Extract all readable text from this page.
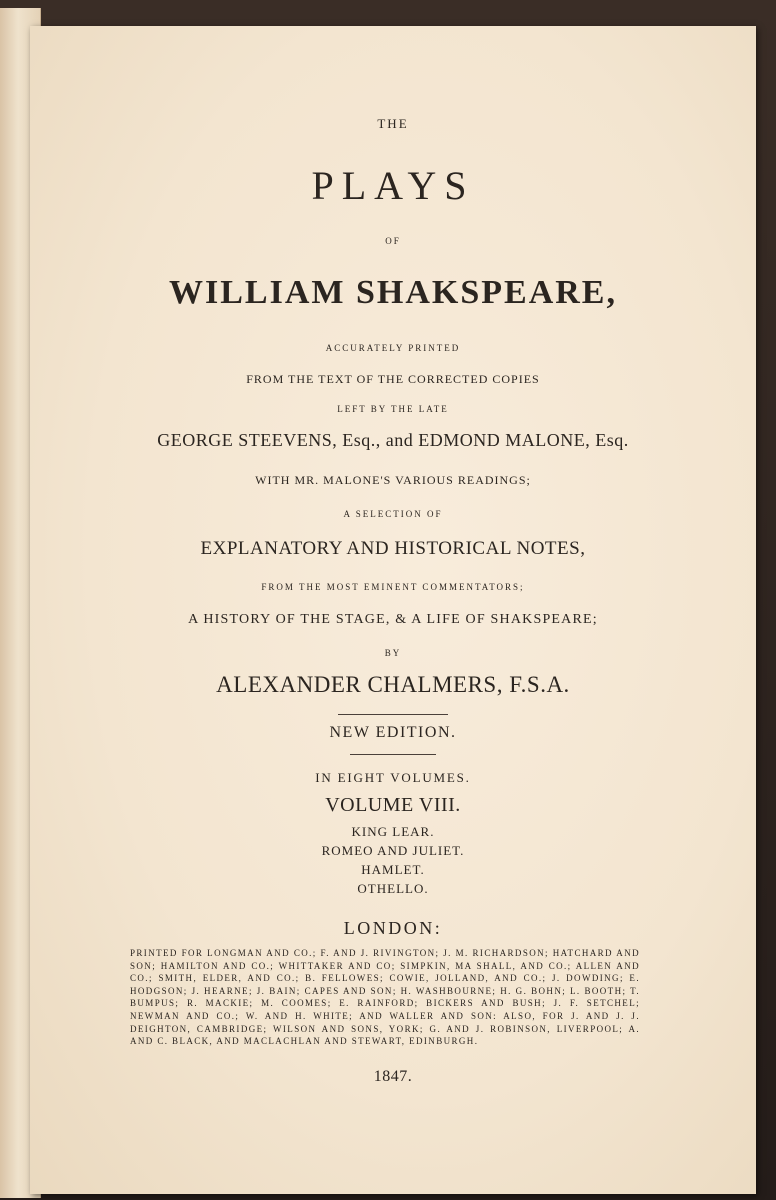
THE
PLAYS
OF
WILLIAM SHAKSPEARE,
ACCURATELY PRINTED
FROM THE TEXT OF THE CORRECTED COPIES
LEFT BY THE LATE
GEORGE STEEVENS, Esq., and EDMOND MALONE, Esq.
WITH MR. MALONE'S VARIOUS READINGS;
A SELECTION OF
EXPLANATORY AND HISTORICAL NOTES,
FROM THE MOST EMINENT COMMENTATORS;
A HISTORY OF THE STAGE, & A LIFE OF SHAKSPEARE;
BY
ALEXANDER CHALMERS, F.S.A.
NEW EDITION.
IN EIGHT VOLUMES.
VOLUME VIII.
KING LEAR.
ROMEO AND JULIET.
HAMLET.
OTHELLO.
LONDON:
PRINTED FOR LONGMAN AND CO.; F. AND J. RIVINGTON; J. M. RICHARDSON; HATCHARD AND SON; HAMILTON AND CO.; WHITTAKER AND CO; SIMPKIN, MA SHALL, AND CO.; ALLEN AND CO.; SMITH, ELDER, AND CO.; B. FELLOWES; COWIE, JOLLAND, AND CO.; J. DOWDING; E. HODGSON; J. HEARNE; J. BAIN; CAPES AND SON; H. WASHBOURNE; H. G. BOHN; L. BOOTH; T. BUMPUS; R. MACKIE; M. COOMES; E. RAINFORD; BICKERS AND BUSH; J. F. SETCHEL; NEWMAN AND CO.; W. AND H. WHITE; AND WALLER AND SON: ALSO, FOR J. AND J. J. DEIGHTON, CAMBRIDGE; WILSON AND SONS, YORK; G. AND J. ROBINSON, LIVERPOOL; A. AND C. BLACK, AND MACLACHLAN AND STEWART, EDINBURGH.
1847.
